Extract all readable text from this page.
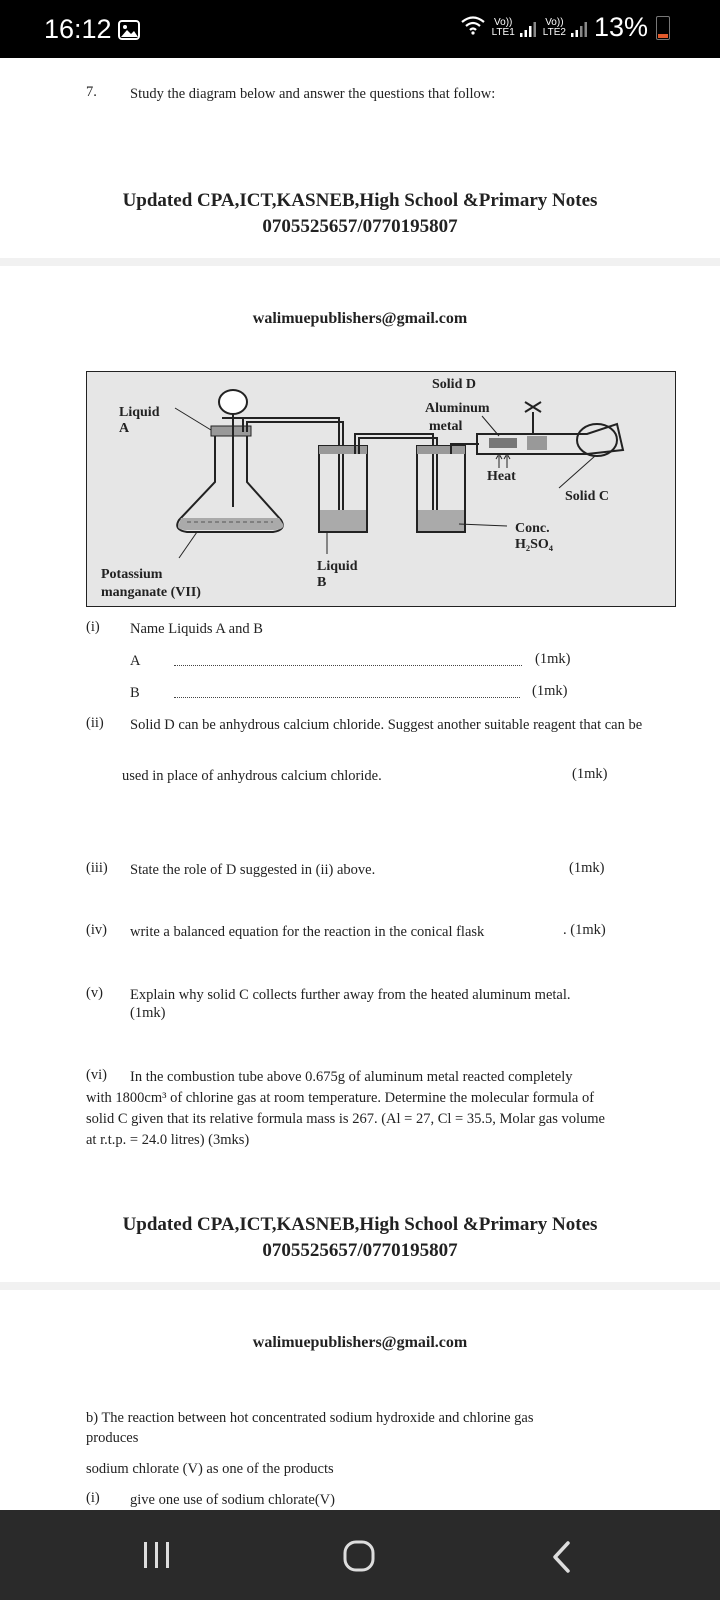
16:12	Vo))
LTE1
Vo))
LTE2 13%
7. Study the diagram below and answer the questions that follow:
Updated CPA,ICT,KASNEB,High School &Primary Notes
0705525657/0770195807
walimuepublishers@gmail.com
Liquid
A
Solid D
Aluminum
metal
Heat
Solid C
Conc.
H₂SO₄
Potassium
manganate (VII)
Liquid
B
(i) Name Liquids A and B
A	(1mk)
B	(1mk)
(ii) Solid D can be anhydrous calcium chloride. Suggest another suitable reagent that can be
used in place of anhydrous calcium chloride.	(1mk)
(iii) State the role of D suggested in (ii) above.	(1mk)
(iv) write a balanced equation for the reaction in the conical flask	. (1mk)
(v) Explain why solid C collects further away from the heated aluminum metal.
(1mk)
(vi) In the combustion tube above 0.675g of aluminum metal reacted completely
with 1800cm³ of chlorine gas at room temperature. Determine the molecular formula of
solid C given that its relative formula mass is 267. (Al = 27, Cl = 35.5, Molar gas volume
at r.t.p. = 24.0 litres) (3mks)
Updated CPA,ICT,KASNEB,High School &Primary Notes
0705525657/0770195807
walimuepublishers@gmail.com
b) The reaction between hot concentrated sodium hydroxide and chlorine gas
produces
sodium chlorate (V) as one of the products
(i) give one use of sodium chlorate(V)
